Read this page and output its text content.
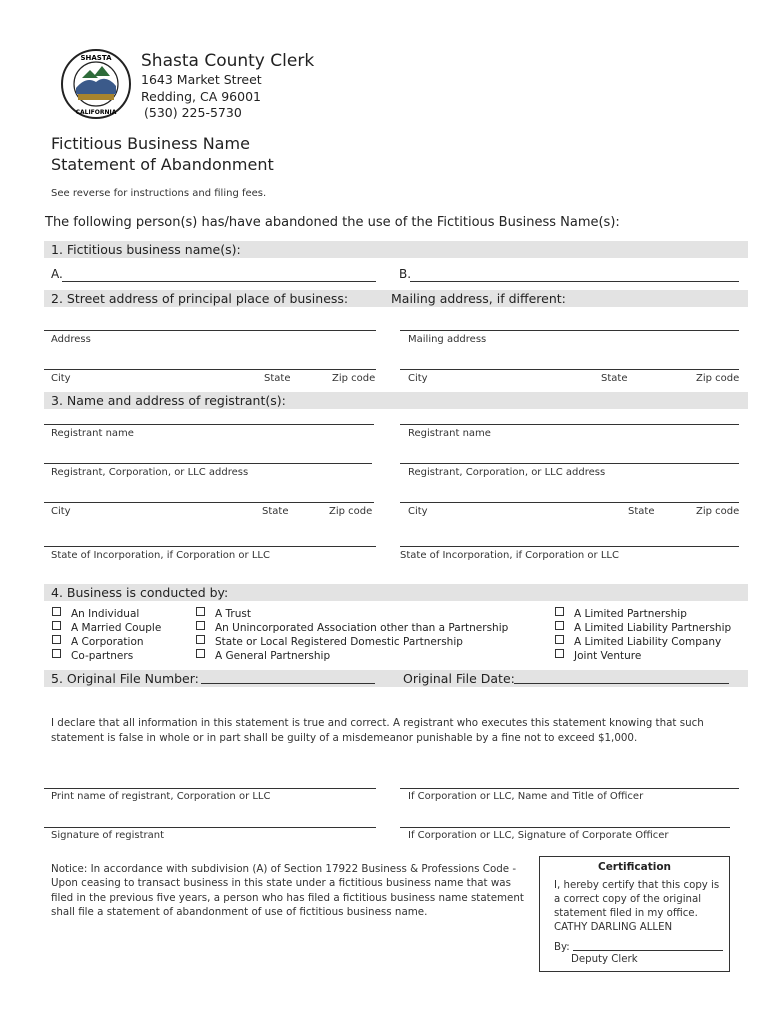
SHASTA
CALIFORNIA
Shasta County Clerk
1643 Market Street
Redding, CA 96001
(530) 225-5730
Fictitious Business Name
Statement of Abandonment
See reverse for instructions and filing fees.
The following person(s) has/have abandoned the use of the Fictitious Business Name(s):
1. Fictitious business name(s):
A.	B.
2. Street address of principal place of business:	Mailing address, if different:
Address	Mailing address
City	State	Zip code	City	State	Zip code
3. Name and address of registrant(s):
Registrant name	Registrant name
Registrant, Corporation, or LLC address	Registrant, Corporation, or LLC address
City	State	Zip code	City	State	Zip code
State of Incorporation, if Corporation or LLC	State of Incorporation, if Corporation or LLC
4. Business is conducted by:
An Individual
A Married Couple
A Corporation
Co-partners
A Trust
An Unincorporated Association other than a Partnership
State or Local Registered Domestic Partnership
A General Partnership
A Limited Partnership
A Limited Liability Partnership
A Limited Liability Company
Joint Venture
5. Original File Number:	Original File Date:
I declare that all information in this statement is true and correct. A registrant who executes this statement knowing that such statement is false in whole or in part shall be guilty of a misdemeanor punishable by a fine not to exceed $1,000.
Print name of registrant, Corporation or LLC	If Corporation or LLC, Name and Title of Officer
Signature of registrant	If Corporation or LLC, Signature of Corporate Officer
Notice: In accordance with subdivision (A) of Section 17922 Business & Professions Code - Upon ceasing to transact business in this state under a fictitious business name that was filed in the previous five years, a person who has filed a fictitious business name statement shall file a statement of abandonment of use of fictitious business name.
Certification
I, hereby certify that this copy is a correct copy of the original statement filed in my office.
CATHY DARLING ALLEN
By:
Deputy Clerk
